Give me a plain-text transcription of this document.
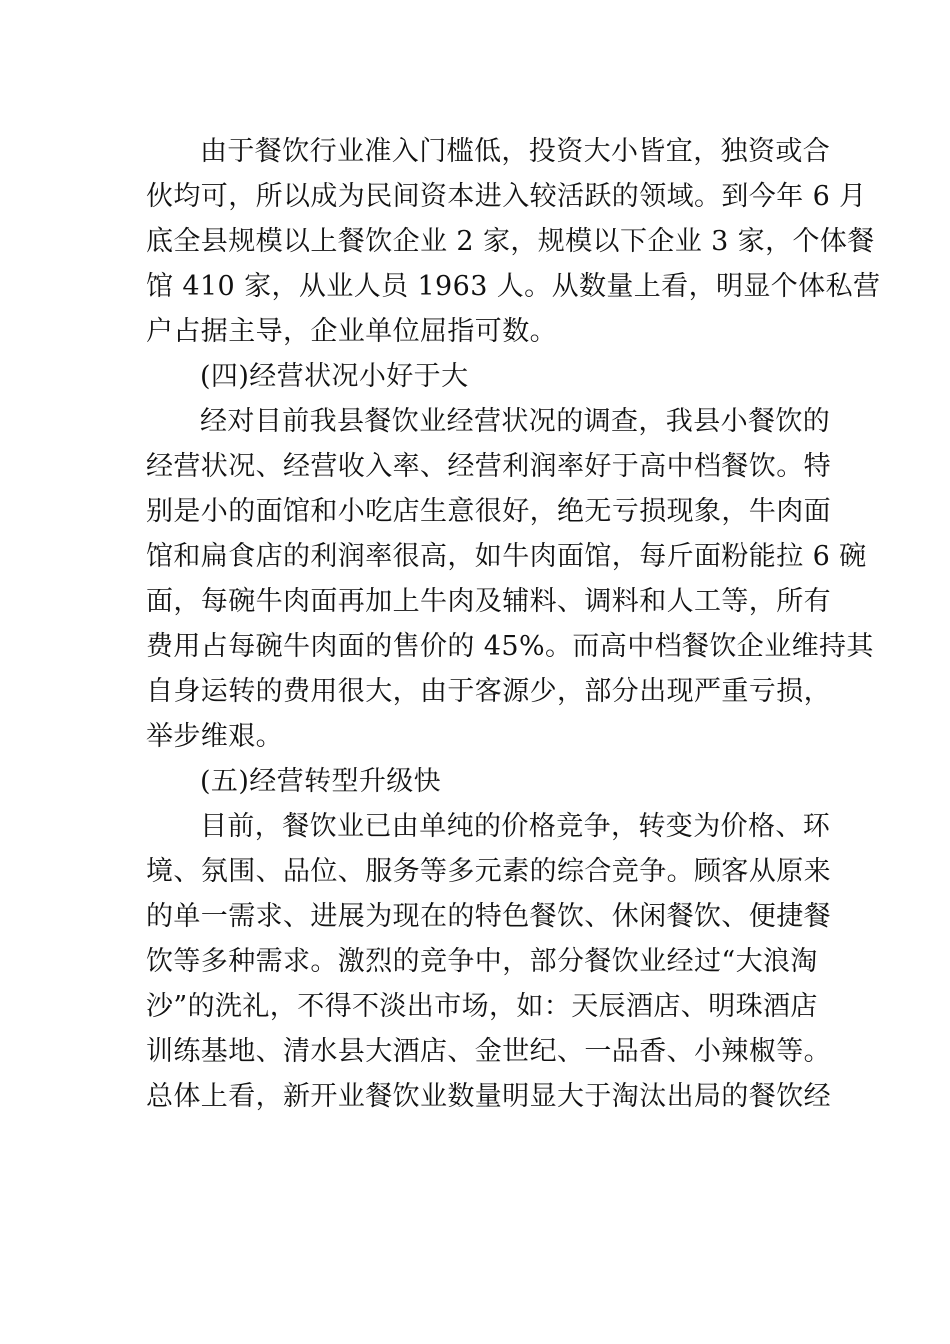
由于餐饮行业准入门槛低，投资大小皆宜，独资或合
伙均可，所以成为民间资本进入较活跃的领域。到今年 6 月
底全县规模以上餐饮企业 2 家，规模以下企业 3 家，个体餐
馆 410 家，从业人员 1963 人。从数量上看，明显个体私营
户占据主导，企业单位屈指可数。
(四)经营状况小好于大
经对目前我县餐饮业经营状况的调查，我县小餐饮的
经营状况、经营收入率、经营利润率好于高中档餐饮。特
别是小的面馆和小吃店生意很好，绝无亏损现象，牛肉面
馆和扁食店的利润率很高，如牛肉面馆，每斤面粉能拉 6 碗
面，每碗牛肉面再加上牛肉及辅料、调料和人工等，所有
费用占每碗牛肉面的售价的 45%。而高中档餐饮企业维持其
自身运转的费用很大，由于客源少，部分出现严重亏损，
举步维艰。
(五)经营转型升级快
目前，餐饮业已由单纯的价格竞争，转变为价格、环
境、氛围、品位、服务等多元素的综合竞争。顾客从原来
的单一需求、进展为现在的特色餐饮、休闲餐饮、便捷餐
饮等多种需求。激烈的竞争中，部分餐饮业经过“大浪淘
沙”的洗礼，不得不淡出市场，如：天辰酒店、明珠酒店
训练基地、清水县大酒店、金世纪、一品香、小辣椒等。
总体上看，新开业餐饮业数量明显大于淘汰出局的餐饮经
